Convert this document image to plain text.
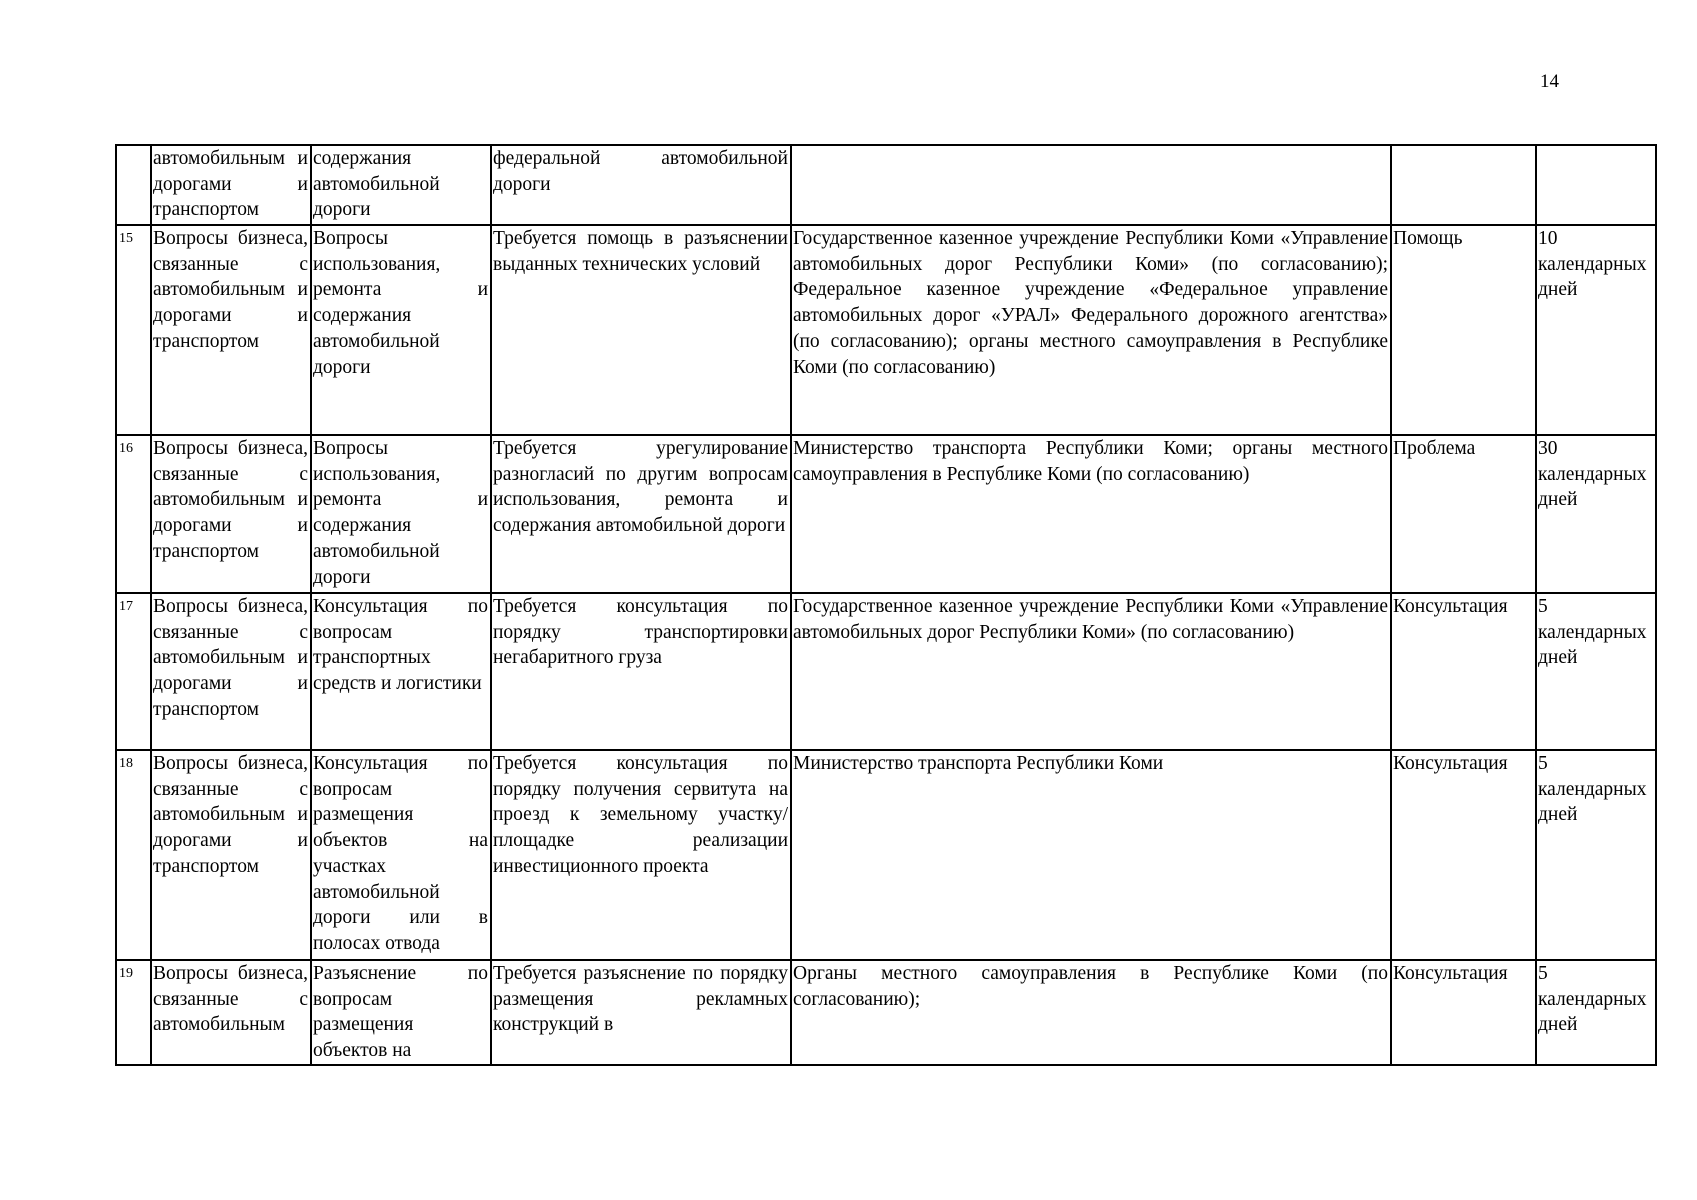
14
	автомобильным и дорогами и транспортом	содержания автомобильной дороги	федеральной автомобильной дороги			
15	Вопросы бизнеса, связанные с автомобильным и дорогами и транспортом	Вопросы использования, ремонта и содержания автомобильной дороги	Требуется помощь в разъяснении выданных технических условий	Государственное казенное учреждение Республики Коми «Управление автомобильных дорог Республики Коми» (по согласованию); Федеральное казенное учреждение «Федеральное управление автомобильных дорог «УРАЛ» Федерального дорожного агентства» (по согласованию); органы местного самоуправления в Республике Коми (по согласованию)	Помощь	10 календарных дней
16	Вопросы бизнеса, связанные с автомобильным и дорогами и транспортом	Вопросы использования, ремонта и содержания автомобильной дороги	Требуется урегулирование разногласий по другим вопросам использования, ремонта и содержания автомобильной дороги	Министерство транспорта Республики Коми; органы местного самоуправления в Республике Коми (по согласованию)	Проблема	30 календарных дней
17	Вопросы бизнеса, связанные с автомобильным и дорогами и транспортом	Консультация по вопросам транспортных средств и логистики	Требуется консультация по порядку транспортировки негабаритного груза	Государственное казенное учреждение Республики Коми «Управление автомобильных дорог Республики Коми» (по согласованию)	Консультация	5 календарных дней
18	Вопросы бизнеса, связанные с автомобильным и дорогами и транспортом	Консультация по вопросам размещения объектов на участках автомобильной дороги или в полосах отвода	Требуется консультация по порядку получения сервитута на проезд к земельному участку/площадке реализации инвестиционного проекта	Министерство транспорта Республики Коми	Консультация	5 календарных дней
19	Вопросы бизнеса, связанные с автомобильным	Разъяснение по вопросам размещения объектов на	Требуется разъяснение по порядку размещения рекламных конструкций в	Органы местного самоуправления в Республике Коми (по согласованию);	Консультация	5 календарных дней
